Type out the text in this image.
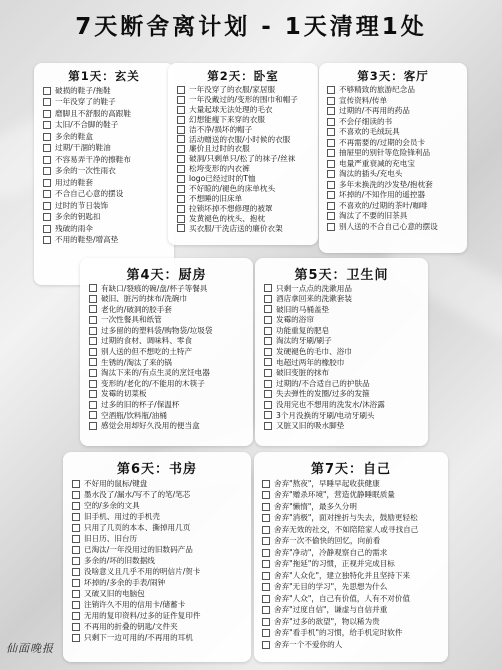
7天断舍离计划 - 1天清理1处
第1天：玄关
破损的鞋子/拖鞋
一年没穿了的鞋子
磨脚且不舒服的高跟鞋
太旧/不合脚的鞋子
多余的鞋盒
过期/干涸的鞋油
不容易弄干净的擦鞋布
多余的一次性雨衣
用过的鞋套
不合自己心意的摆设
过时的节日装饰
多余的钥匙扣
残破的雨伞
不用的鞋垫/增高垫
第2天：卧室
一年没穿了的衣服/家居服
一年没戴过的/变形的围巾和帽子
大量起球无法处理的毛衣
幻想能瘦下来穿的衣服
洁不净/损坏的帽子
活动赠送的衣服/小时候的衣服
廉价且过时的衣服
破洞/只剩单只/松了的袜子/丝袜
松垮变形的内衣裤
logo已经过时的T恤
不好晾的/褪色的床单枕头
不想睡的旧床单
拉锁坏掉不想修理的被罩
发黄褪色的枕头、抱枕
买衣服/干洗店送的廉价衣架
第3天：客厅
不够精致的旅游纪念品
宣传资料/传单
过期的/不再用的药品
不会仔细读的书
不喜欢的毛绒玩具
不再需要的/过期的会员卡
抽屉里的别针等危险锋利品
电量严重衰减的充电宝
淘汰的插头/充电头
多年未换洗的沙发垫/抱枕套
坏掉的/不知作用的遥控器
不喜欢的/过期的茶叶/咖啡
淘汰了不要的旧茶具
别人送的不合自己心意的摆设
第4天：厨房
有缺口/裂痕的碗/盘/杯子等餐具
破旧、脏污的抹布/洗碗巾
老化的/破洞的胶手套
一次性餐具和纸管
过多留的的塑料袋/购物袋/垃圾袋
过期的食材、调味料、零食
别人送的但不想吃的土特产
生锈的/淘汰了来的锅
淘汰下来的/有点生灵的烹饪电器
变形的/老化的/不能用的木筷子
发霉的切菜板
过多的旧的杯子/保温杯
空酒瓶/饮料瓶/油桶
感觉会用却好久没用的便当盒
第5天：卫生间
只剩一点点的洗漱用品
酒店拿回来的洗漱套装
破旧的马桶盖垫
发霉的浴帘
功能重复的肥皂
淘汰的牙刷/刷子
发硬褪色的毛巾、浴巾
电超过两年的橡胶巾
破旧变脏的抹布
过期的/不合适自己的护肤品
失去弹性的发圈/过多的发箍
没用完也不想用的洗发水/沐浴露
3个月没换的牙刷/电动牙刷头
又脏又旧的吸水脚垫
第6天：书房
不好用的鼠标/键盘
墨水没了/漏水/写不了的笔/笔芯
空的/多余的文具
旧手机、用过的手机壳
只用了几页的本本、撕掉用几页
旧日历、旧台历
已淘汰/一年没用过的旧数码产品
多余的/坏的旧数据线
没啥意义且几乎不用的明信片/贺卡
坏掉的/多余的手表/闹钟
又破又旧的电脑包
注销许久不用的信用卡/储蓄卡
无用的复印资料/过多的证件复印件
不再用的折叠的钥匙/文件夹
只剩下一边可用的/不再用的耳机
第7天：自己
舍弃"熬夜"，早睡早起收获健康
舍弃"赠杀环境"，营造优静睡眠质量
舍弃"懒惰"，最多久分明
舍弃"消极"，面对挫折与失去，鼓励更轻松
舍弃无效的社交，不如陪陪家人或寻找自己
舍弃一次不偷快的回忆，向前看
舍弃"净动"，冷静观察自己的需求
舍弃"拖延"的习惯，正视并完成目标
舍弃"人众化"，建立独特化并且坚持下来
舍弃"无目的学习"，先思想为什么
舍弃"人众"，自己有价值，人有不对价值
舍弃"过度自信"，谦虚与自信并重
舍弃"过多的欲望"，物以稀为贵
舍弃"看手机"的习惯，给手机定时软件
舍弃一个不爱你的人
仙面晚报
